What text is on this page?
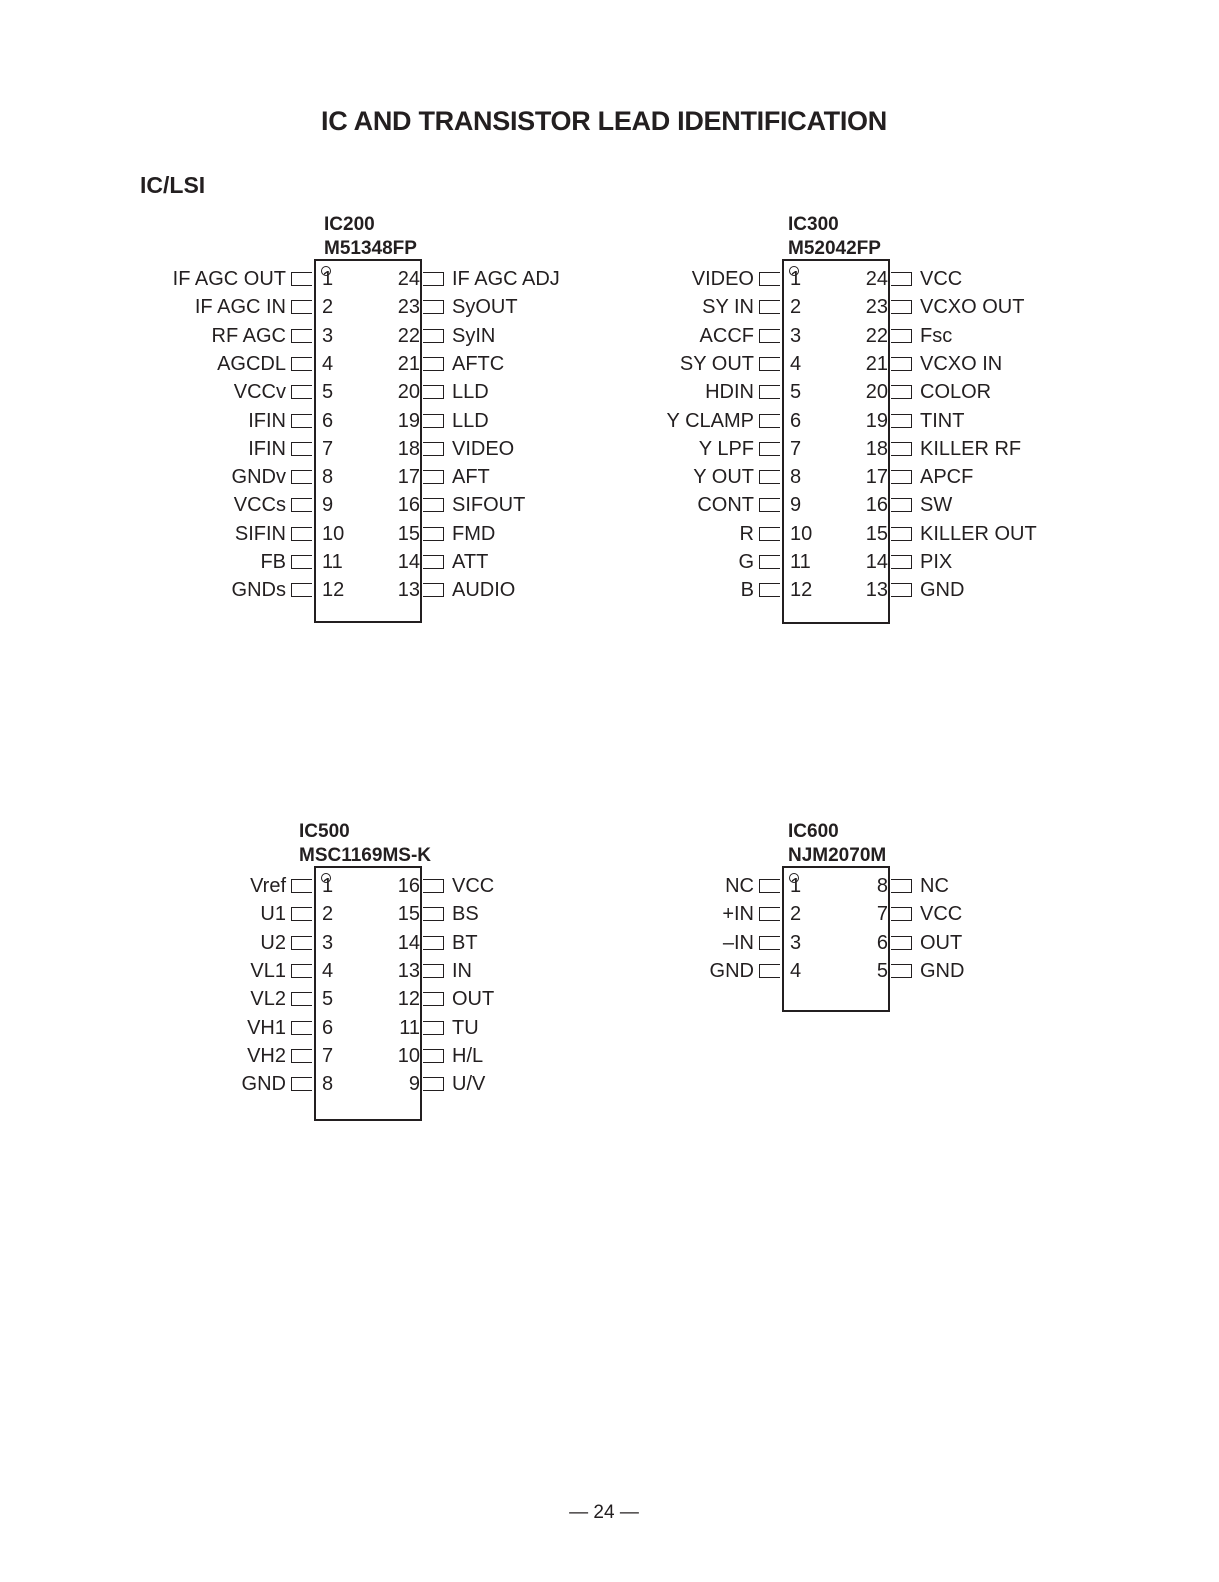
IC AND TRANSISTOR LEAD IDENTIFICATION
IC/LSI
IC200
M51348FP
IF AGC OUT 1
IF AGC IN 2
RF AGC 3
AGCDL 4
VCCv 5
IFIN 6
IFIN 7
GNDv 8
VCCs 9
SIFIN 10
FB 11
GNDs 12
IF AGC ADJ
24
SyOUT
23
SyIN
22
AFTC
21
LLD
20
LLD
19
VIDEO
18
AFT
17
SIFOUT
16
FMD
15
ATT
14
AUDIO
13
IC300
M52042FP
VIDEO 1
SY IN 2
ACCF 3
SY OUT 4
HDIN 5
Y CLAMP 6
Y LPF 7
Y OUT 8
CONT 9
R 10
G 11
B 12
VCC
24
VCXO OUT
23
Fsc
22
VCXO IN
21
COLOR
20
TINT
19
KILLER RF
18
APCF
17
SW
16
KILLER OUT
15
PIX
14
GND
13
IC500
MSC1169MS-K
Vref 1
U1 2
U2 3
VL1 4
VL2 5
VH1 6
VH2 7
GND 8
VCC
16
BS
15
BT
14
IN
13
OUT
12
TU
11
H/L
10
U/V
9
IC600
NJM2070M
NC 1
+IN 2
–IN 3
GND 4
NC
8
VCC
7
OUT
6
GND
5

— 24 —
